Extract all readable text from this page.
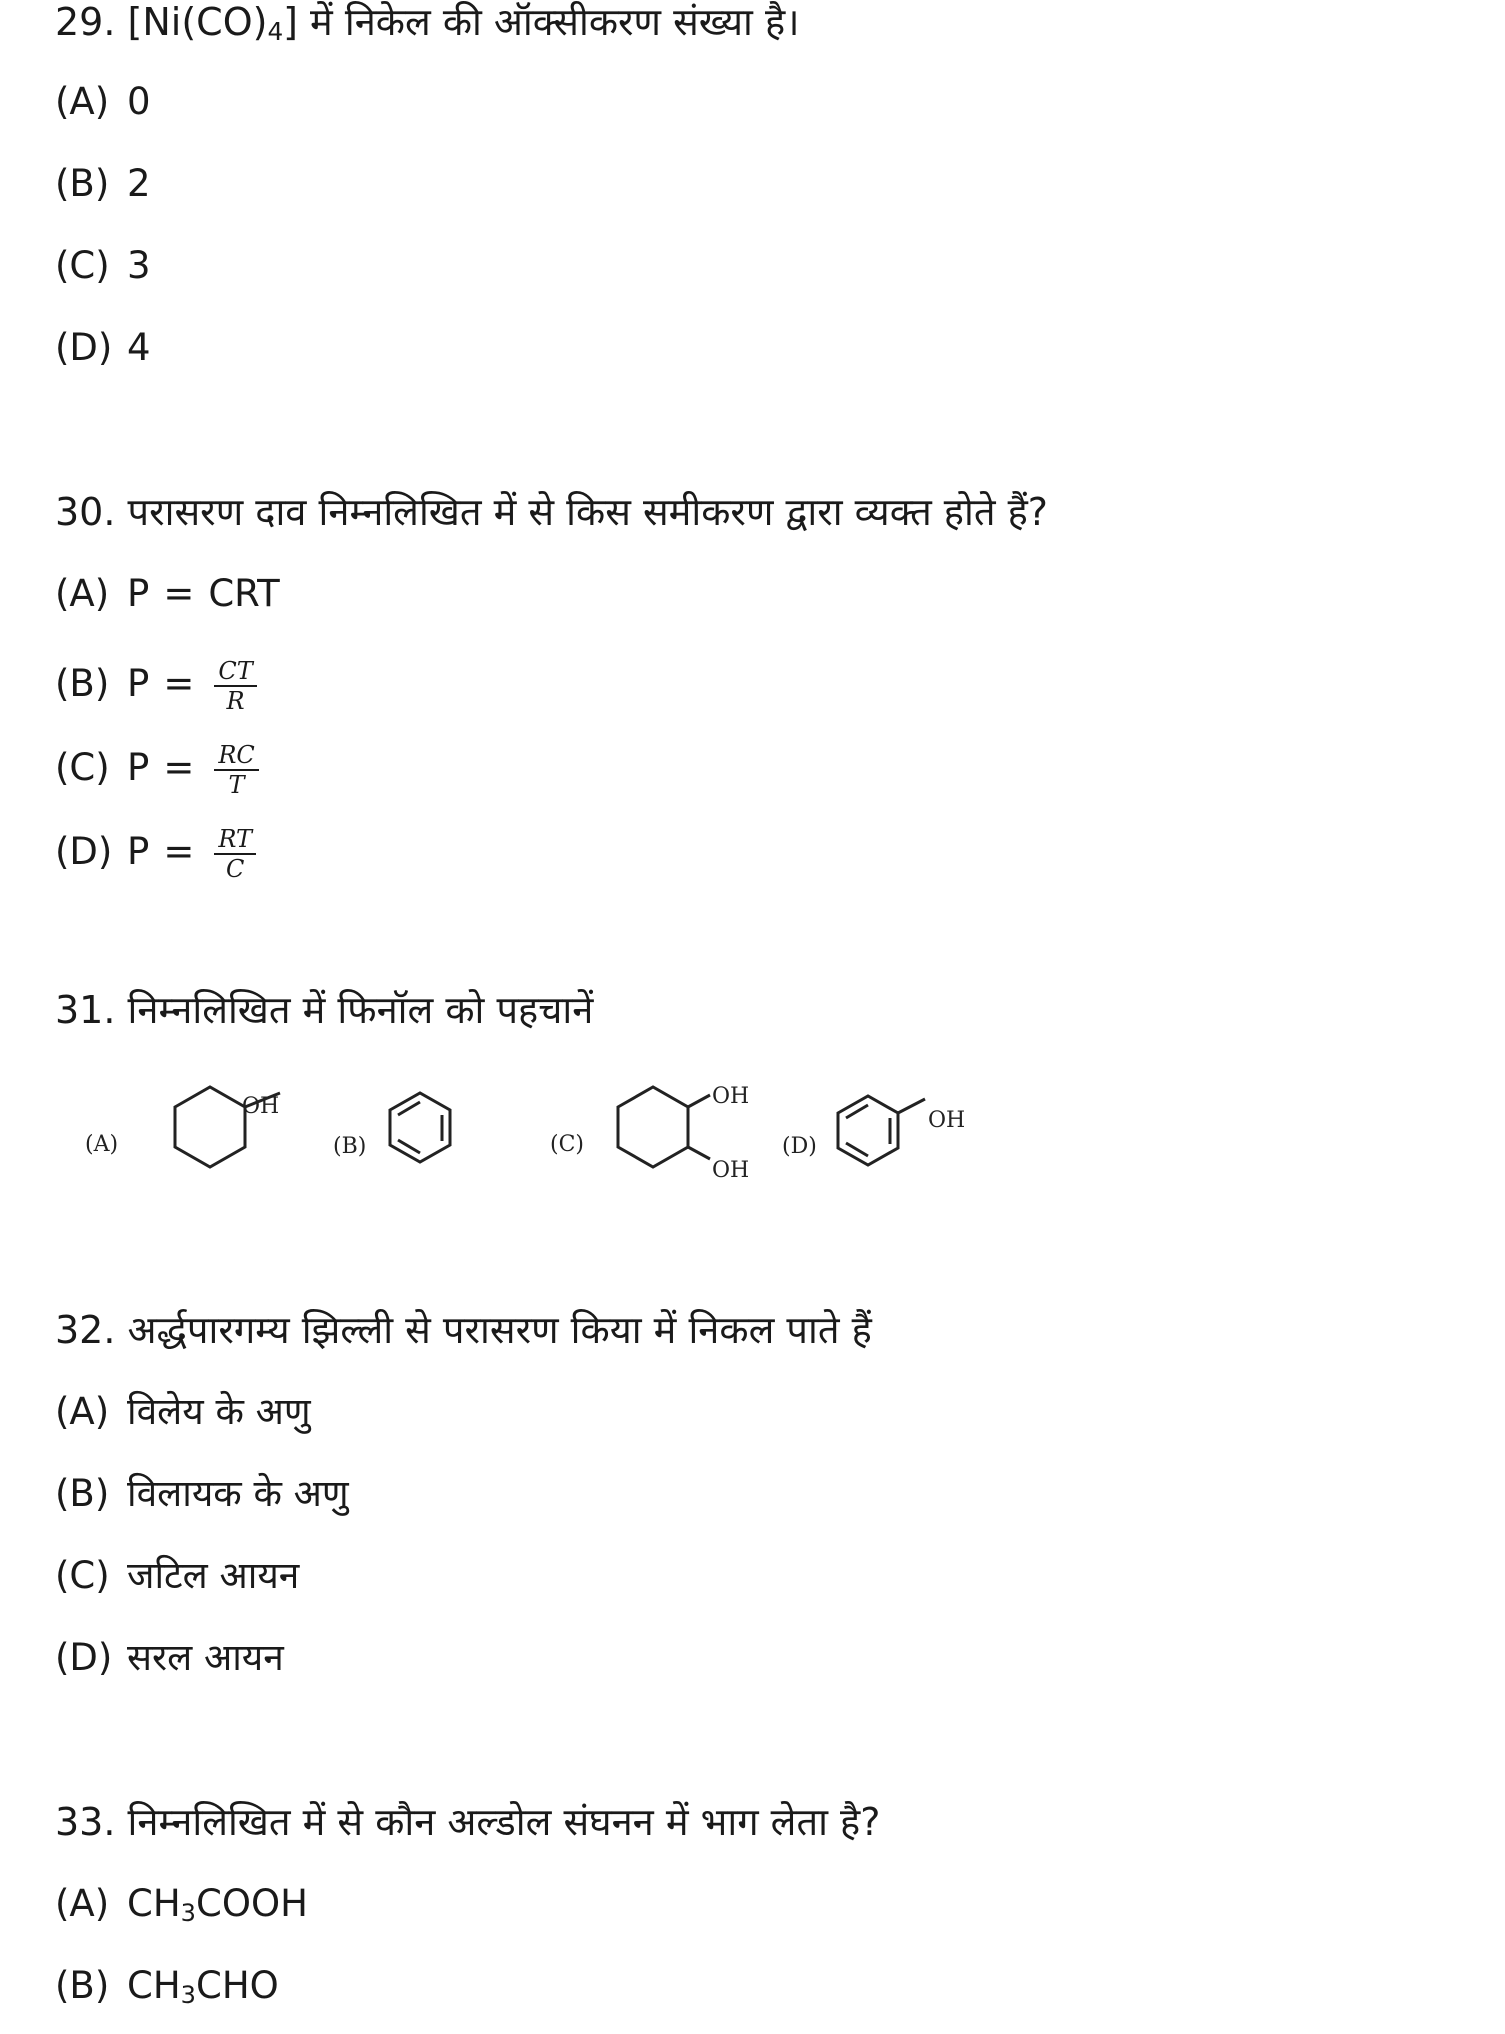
29. $[Ni(CO)_4]$ में निकेल की ऑक्सीकरण संख्या है।
(A) 0
(B) 2
(C) 3
(D) 4
30. परासरण दाव निम्नलिखित में से किस समीकरण द्वारा व्यक्त होते हैं?
(A) P = CRT
(B) $P = \frac{CT}{R}$
(C) $P = \frac{RC}{T}$
(D) $P = \frac{RT}{C}$
31. निम्नलिखित में फिनॉल को पहचानें
(A)
OH
(B)	(C)
OH
OH
(D)
OH
32. अर्द्धपारगम्य झिल्ली से परासरण किया में निकल पाते हैं
(A) विलेय के अणु
(B) विलायक के अणु
(C) जटिल आयन
(D) सरल आयन
33. निम्नलिखित में से कौन अल्डोल संघनन में भाग लेता है?
(A) $CH_3COOH$
(B) $CH_3CHO$
